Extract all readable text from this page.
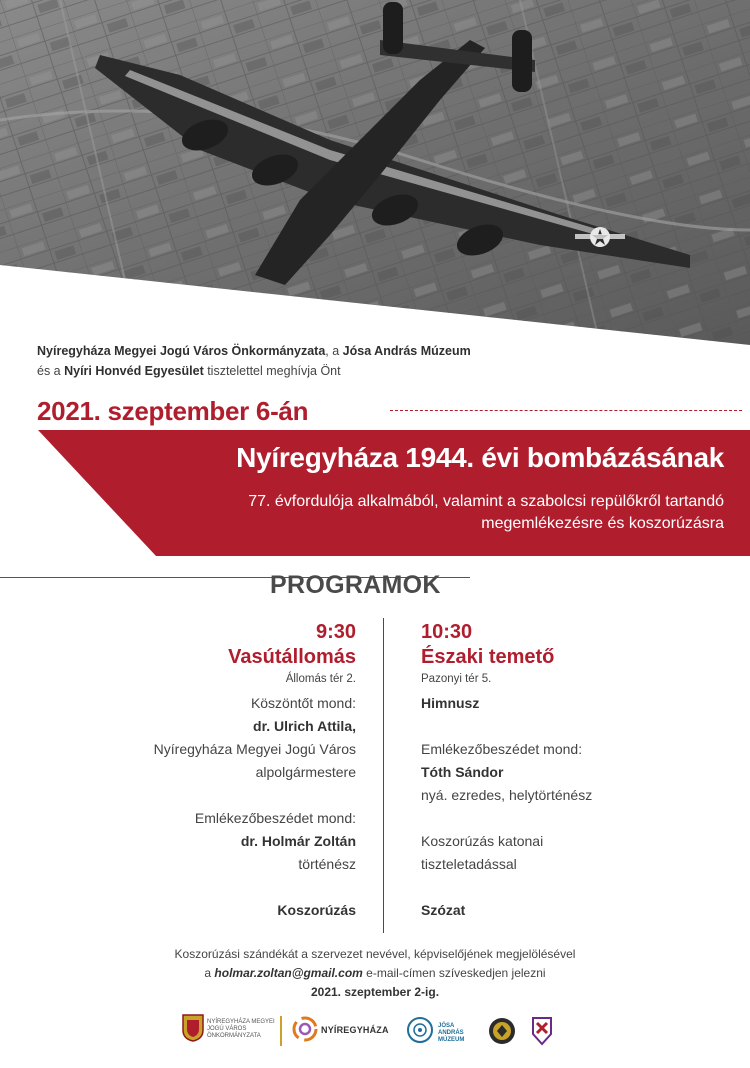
Nyíregyháza Megyei Jogú Város Önkormányzata, a Jósa András Múzeum
és a Nyíri Honvéd Egyesület tisztelettel meghívja Önt
2021. szeptember 6-án
Nyíregyháza 1944. évi bombázásának
77. évfordulója alkalmából, valamint a szabolcsi repülőkről tartandó megemlékezésre és koszorúzásra
PROGRAMOK
9:30
Vasútállomás
Állomás tér 2.
Köszöntőt mond:
dr. Ulrich Attila,
Nyíregyháza Megyei Jogú Város
alpolgármestere
Emlékezőbeszédet mond:
dr. Holmár Zoltán
történész
Koszorúzás
10:30
Északi temető
Pazonyi tér 5.
Himnusz
Emlékezőbeszédet mond:
Tóth Sándor
nyá. ezredes, helytörténész
Koszorúzás katonai
tiszteletadással
Szózat
Koszorúzási szándékát a szervezet nevével, képviselőjének megjelölésével
a holmar.zoltan@gmail.com e-mail-címen szíveskedjen jelezni
2021. szeptember 2-ig.
NYÍREGYHÁZA MEGYEI JOGÚ VÁROS ÖNKORMÁNYZATA
NYÍREGYHÁZA	JÓSA ANDRÁS MÚZEUM
